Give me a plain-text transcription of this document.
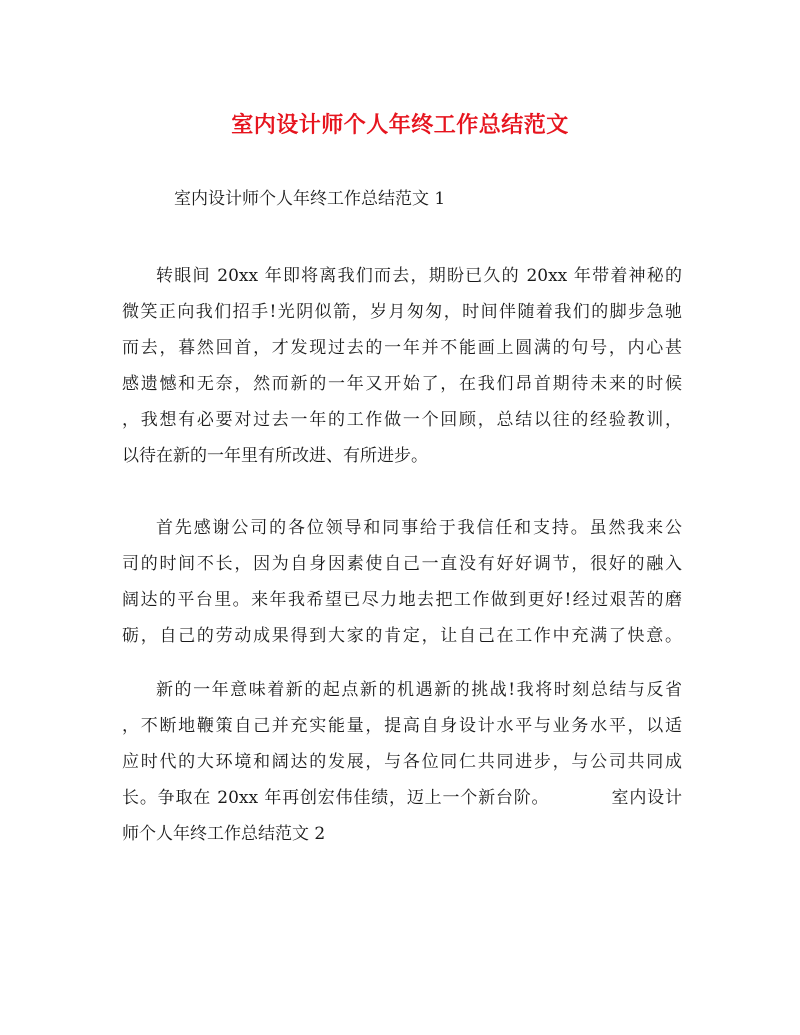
室内设计师个人年终工作总结范文
室内设计师个人年终工作总结范文 1
转眼间 20xx 年即将离我们而去，期盼已久的 20xx 年带着神秘的
微笑正向我们招手!光阴似箭，岁月匆匆，时间伴随着我们的脚步急驰
而去，暮然回首，才发现过去的一年并不能画上圆满的句号，内心甚
感遗憾和无奈，然而新的一年又开始了，在我们昂首期待未来的时候
，我想有必要对过去一年的工作做一个回顾，总结以往的经验教训，
以待在新的一年里有所改进、有所进步。
首先感谢公司的各位领导和同事给于我信任和支持。虽然我来公
司的时间不长，因为自身因素使自己一直没有好好调节，很好的融入
阔达的平台里。来年我希望已尽力地去把工作做到更好!经过艰苦的磨
砺，自己的劳动成果得到大家的肯定，让自己在工作中充满了快意。
新的一年意味着新的起点新的机遇新的挑战!我将时刻总结与反省
，不断地鞭策自己并充实能量，提高自身设计水平与业务水平，以适
应时代的大环境和阔达的发展，与各位同仁共同进步，与公司共同成
长。争取在 20xx 年再创宏伟佳绩，迈上一个新台阶。          室内设计
师个人年终工作总结范文 2
